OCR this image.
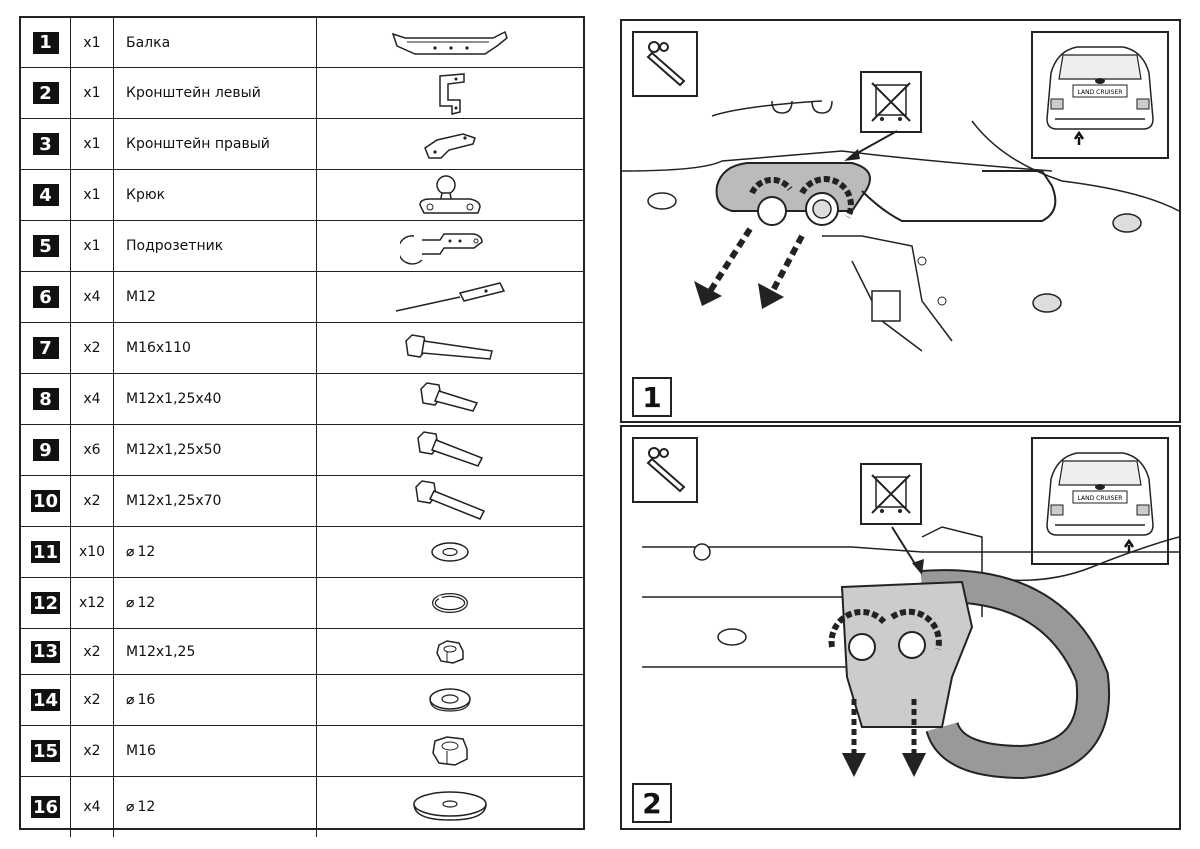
1	x1	Балка
2	x1	Кронштейн левый
3	x1	Кронштейн правый
4	x1	Крюк
5	x1	Подрозетник
6	x4	M12
7	x2	M16x110
8	x4	M12x1,25x40
9	x6	M12x1,25x50
10	x2	M12x1,25x70
11	x10	⌀ 12
12	x12	⌀ 12
13	x2	M12x1,25
14	x2	⌀ 16
15	x2	M16
16	x4	⌀ 12
LAND CRUISER
1
LAND CRUISER
2
